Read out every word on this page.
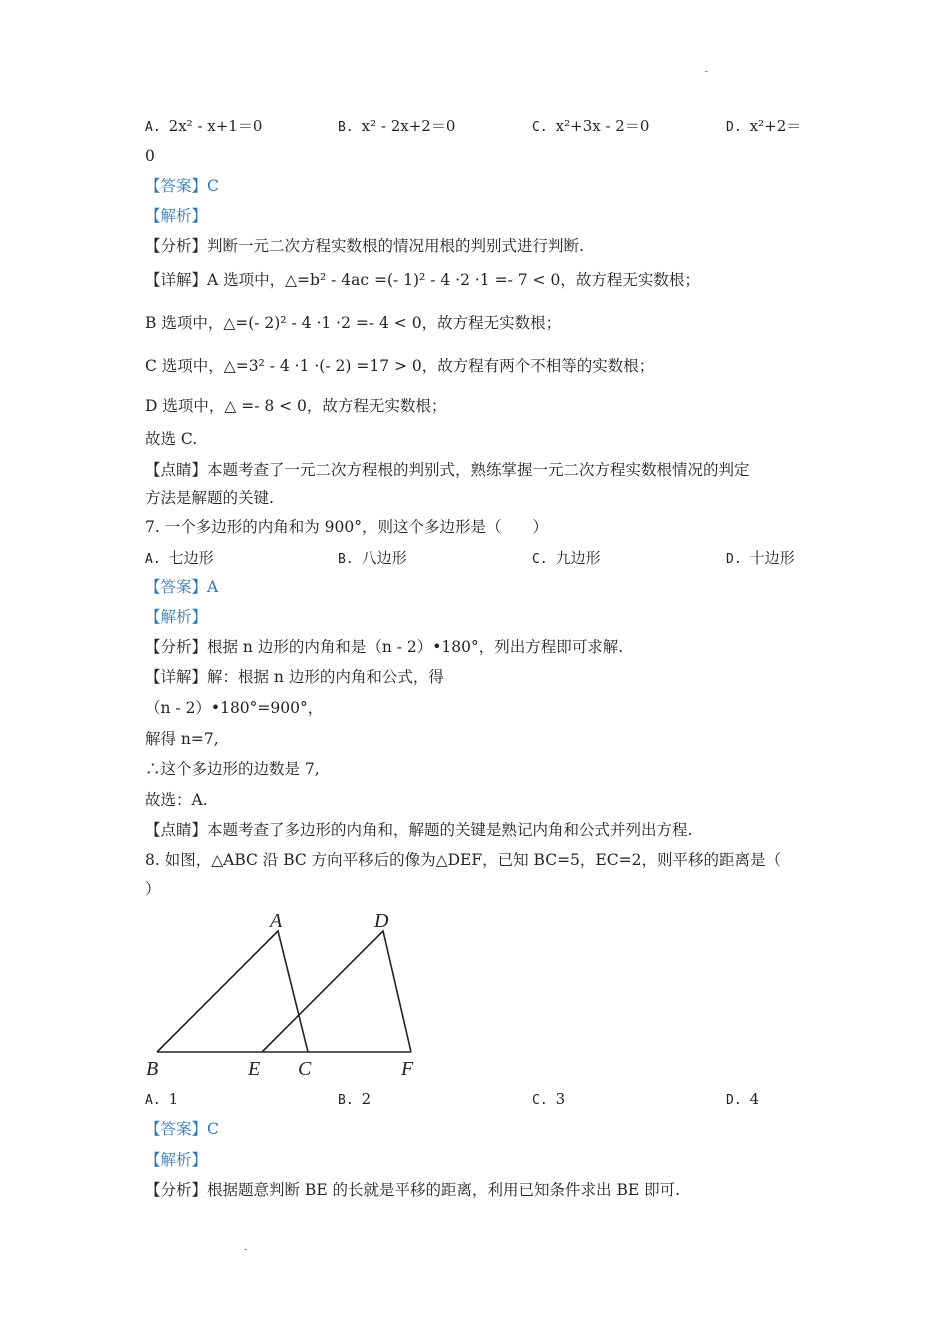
A. 2x² - x+1＝0	B. x² - 2x+2＝0	C. x²+3x - 2＝0	D. x²+2＝
0
【答案】C
【解析】
【分析】判断一元二次方程实数根的情况用根的判别式进行判断.
【详解】A 选项中，△=b² - 4ac =(- 1)² - 4 ·2 ·1 =- 7 < 0，故方程无实数根；
B 选项中，△=(- 2)² - 4 ·1 ·2 =- 4 < 0，故方程无实数根；
C 选项中，△=3² - 4 ·1 ·(- 2) =17 > 0，故方程有两个不相等的实数根；
D 选项中，△ =- 8 < 0，故方程无实数根；
故选 C.
【点睛】本题考查了一元二次方程根的判别式，熟练掌握一元二次方程实数根情况的判定
方法是解题的关键.
7. 一个多边形的内角和为 900°，则这个多边形是（　　）
A. 七边形	B. 八边形	C. 九边形	D. 十边形
【答案】A
【解析】
【分析】根据 n 边形的内角和是（n - 2）•180°，列出方程即可求解.
【详解】解：根据 n 边形的内角和公式，得
（n - 2）•180°=900°，
解得 n=7,
∴这个多边形的边数是 7,
故选：A.
【点睛】本题考查了多边形的内角和，解题的关键是熟记内角和公式并列出方程.
8. 如图，△ABC 沿 BC 方向平移后的像为△DEF，已知 BC=5，EC=2，则平移的距离是（
）
A	D
B	E C	F
A. 1	B. 2	C. 3	D. 4
【答案】C
【解析】
【分析】根据题意判断 BE 的长就是平移的距离，利用已知条件求出 BE 即可.
